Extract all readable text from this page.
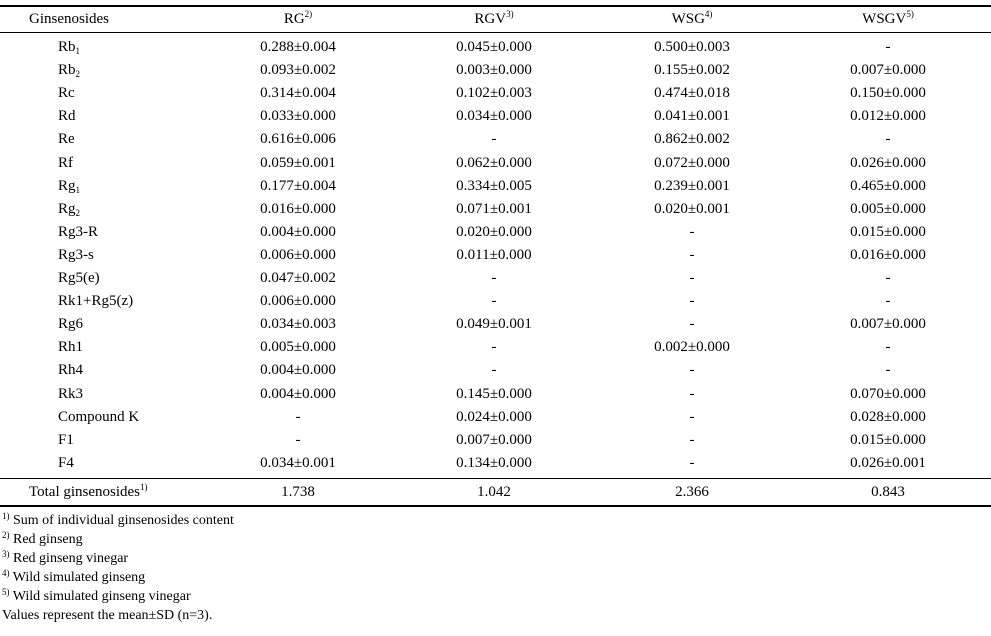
Ginsenosides	RG$^{2)}$	RGV$^{3)}$	WSG$^{4)}$	WSGV$^{5)}$
$Rb_1$	0.288±0.004	0.045±0.000	0.500±0.003	-
$Rb_2$	0.093±0.002	0.003±0.000	0.155±0.002	0.007±0.000
Rc	0.314±0.004	0.102±0.003	0.474±0.018	0.150±0.000
Rd	0.033±0.000	0.034±0.000	0.041±0.001	0.012±0.000
Re	0.616±0.006	-	0.862±0.002	-
Rf	0.059±0.001	0.062±0.000	0.072±0.000	0.026±0.000
$Rg_1$	0.177±0.004	0.334±0.005	0.239±0.001	0.465±0.000
$Rg_2$	0.016±0.000	0.071±0.001	0.020±0.001	0.005±0.000
Rg3-R	0.004±0.000	0.020±0.000	-	0.015±0.000
Rg3-s	0.006±0.000	0.011±0.000	-	0.016±0.000
Rg5(e)	0.047±0.002	-	-	-
Rk1+Rg5(z)	0.006±0.000	-	-	-
Rg6	0.034±0.003	0.049±0.001	-	0.007±0.000
Rh1	0.005±0.000	-	0.002±0.000	-
Rh4	0.004±0.000	-	-	-
Rk3	0.004±0.000	0.145±0.000	-	0.070±0.000
Compound K	-	0.024±0.000	-	0.028±0.000
F1	-	0.007±0.000	-	0.015±0.000
F4	0.034±0.001	0.134±0.000	-	0.026±0.001
Total ginsenosides$^{1)}$	1.738	1.042	2.366	0.843
$^{1)}$ Sum of individual ginsenosides content
$^{2)}$ Red ginseng
$^{3)}$ Red ginseng vinegar
$^{4)}$ Wild simulated ginseng
$^{5)}$ Wild simulated ginseng vinegar
Values represent the mean±SD (n=3).
